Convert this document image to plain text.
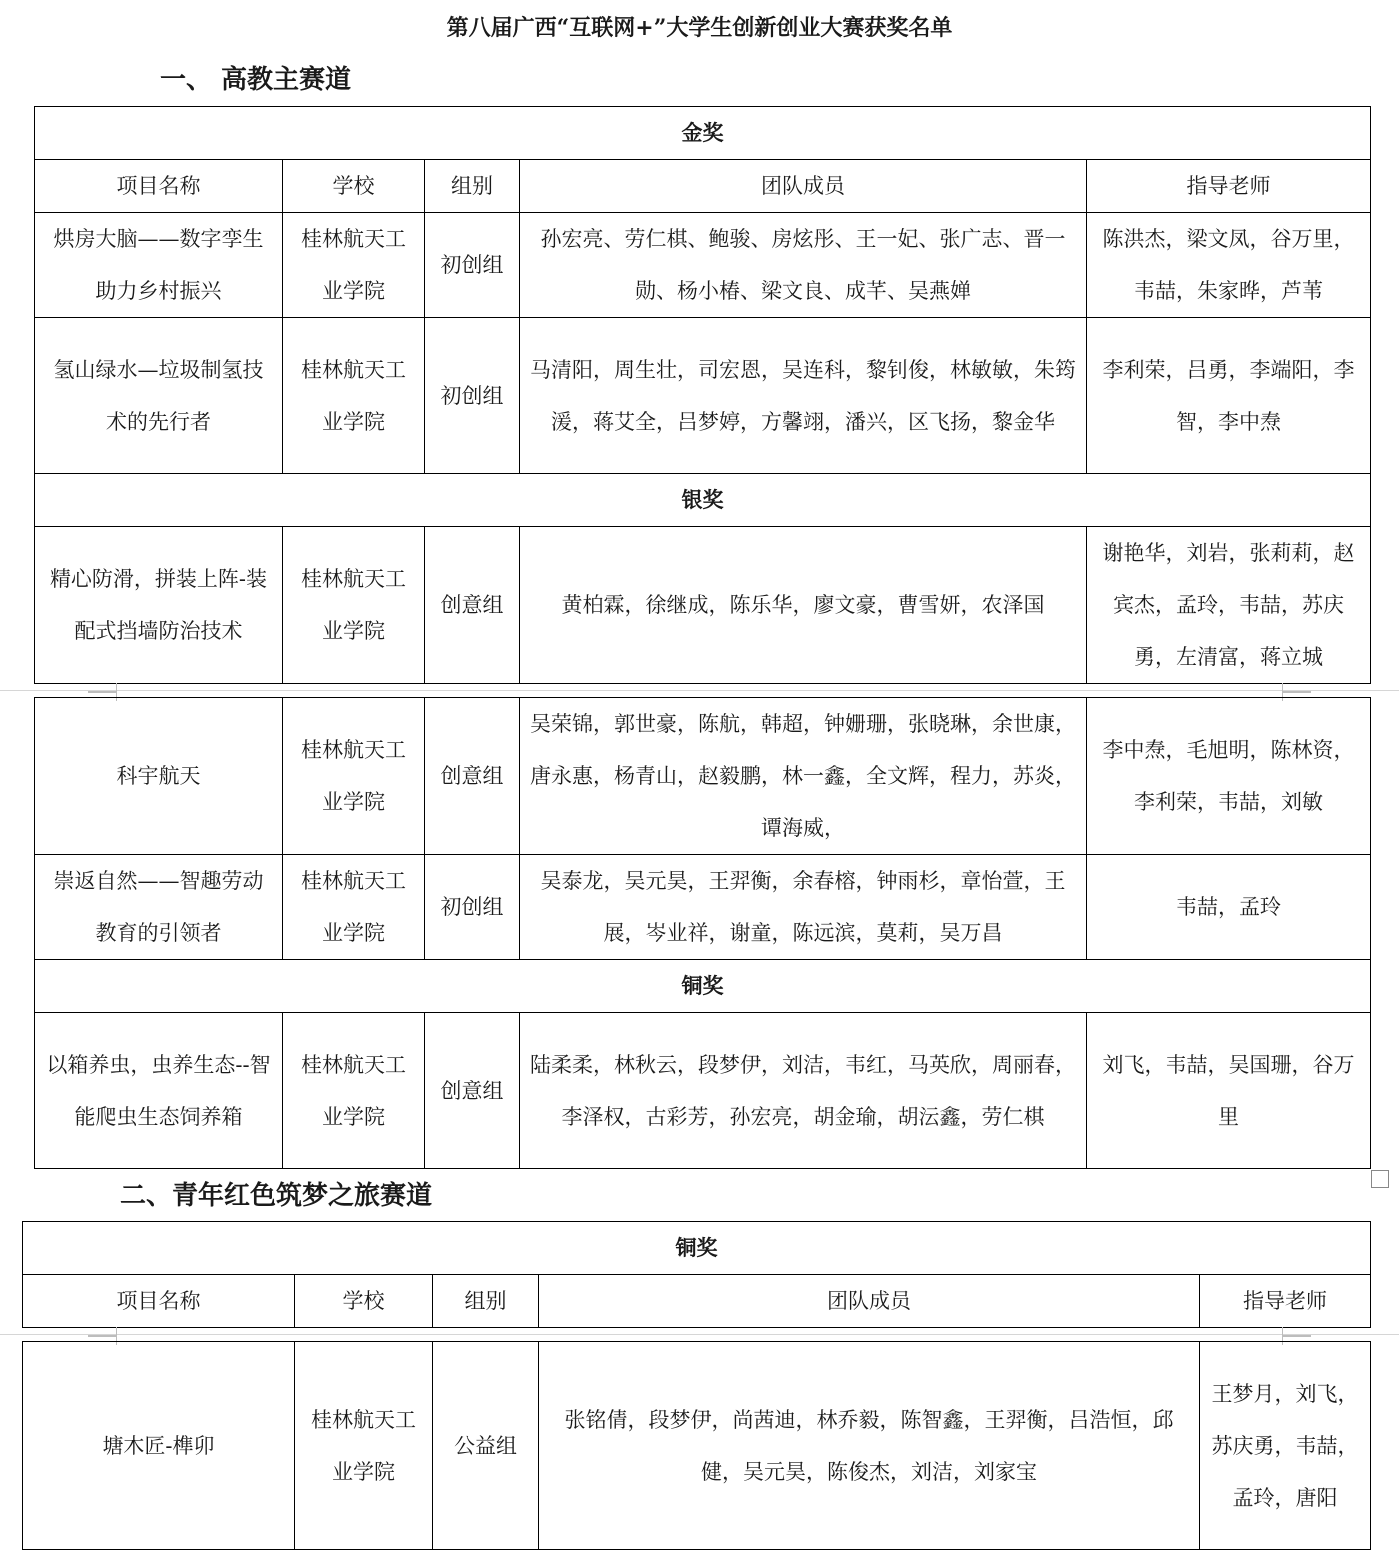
第八届广西“互联网+”大学生创新创业大赛获奖名单
一、 高教主赛道
金奖				
项目名称	学校	组别	团队成员	指导老师
烘房大脑——数字孪生助力乡村振兴	桂林航天工业学院	初创组	孙宏亮、劳仁棋、鲍骏、房炫彤、王一妃、张广志、晋一勋、杨小椿、梁文良、成芊、吴燕婵	陈洪杰，梁文凤，谷万里，韦喆，朱家晔，芦苇
氢山绿水—垃圾制氢技术的先行者	桂林航天工业学院	初创组	马清阳，周生壮，司宏恩，吴连科，黎钊俊，林敏敏，朱筠湲，蒋艾全，吕梦婷，方馨翊，潘兴，区飞扬，黎金华	李利荣，吕勇，李端阳，李智，李中焘
银奖				
精心防滑，拼装上阵-装配式挡墙防治技术	桂林航天工业学院	创意组	黄柏霖，徐继成，陈乐华，廖文豪，曹雪妍，农泽国	谢艳华，刘岩，张莉莉，赵宾杰，孟玲，韦喆，苏庆勇，左清富，蒋立城
科宇航天	桂林航天工业学院	创意组	吴荣锦，郭世豪，陈航，韩超，钟姗珊，张晓琳，余世康，唐永惠，杨青山，赵毅鹏，林一鑫，全文辉，程力，苏炎，谭海威，	李中焘，毛旭明，陈林资，李利荣，韦喆，刘敏
崇返自然——智趣劳动教育的引领者	桂林航天工业学院	初创组	吴泰龙，吴元昊，王羿衡，余春榕，钟雨杉，章怡萱，王展，岑业祥，谢童，陈远滨，莫莉，吴万昌	韦喆，孟玲
铜奖				
以箱养虫，虫养生态--智能爬虫生态饲养箱	桂林航天工业学院	创意组	陆柔柔，林秋云，段梦伊，刘洁，韦红，马英欣，周丽春，李泽权，古彩芳，孙宏亮，胡金瑜，胡沄鑫，劳仁棋	刘飞，韦喆，吴国珊，谷万里
二、青年红色筑梦之旅赛道
铜奖
项目名称	学校	组别	团队成员	指导老师
塘木匠-榫卯	桂林航天工业学院	公益组	张铭倩，段梦伊，尚茜迪，林乔毅，陈智鑫，王羿衡，吕浩恒，邱健，吴元昊，陈俊杰，刘洁，刘家宝	王梦月，刘飞，苏庆勇，韦喆，孟玲，唐阳
